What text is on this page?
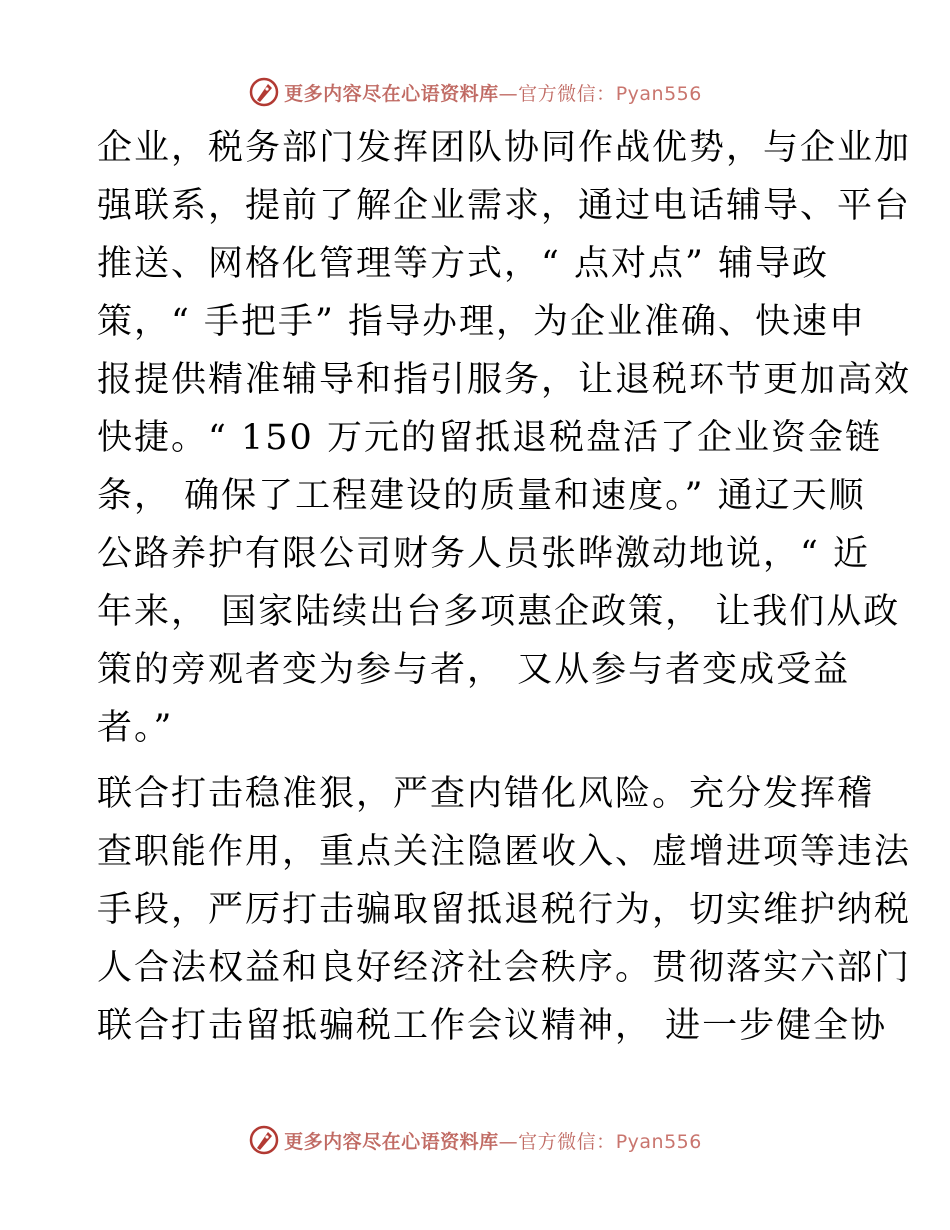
更多内容尽在心语资料库—官方微信：Pyan556
企业，税务部门发挥团队协同作战优势，与企业加
强联系，提前了解企业需求，通过电话辅导、平台
推送、网格化管理等方式，“ 点对点” 辅导政
策，“ 手把手” 指导办理，为企业准确、快速申
报提供精准辅导和指引服务，让退税环节更加高效
快捷。“ 150 万元的留抵退税盘活了企业资金链
条， 确保了工程建设的质量和速度。” 通辽天顺
公路养护有限公司财务人员张晔激动地说，“ 近
年来， 国家陆续出台多项惠企政策， 让我们从政
策的旁观者变为参与者， 又从参与者变成受益
者。”
联合打击稳准狠，严查内错化风险。充分发挥稽
查职能作用，重点关注隐匿收入、虚增进项等违法
手段，严厉打击骗取留抵退税行为，切实维护纳税
人合法权益和良好经济社会秩序。贯彻落实六部门
联合打击留抵骗税工作会议精神， 进一步健全协
更多内容尽在心语资料库—官方微信：Pyan556
